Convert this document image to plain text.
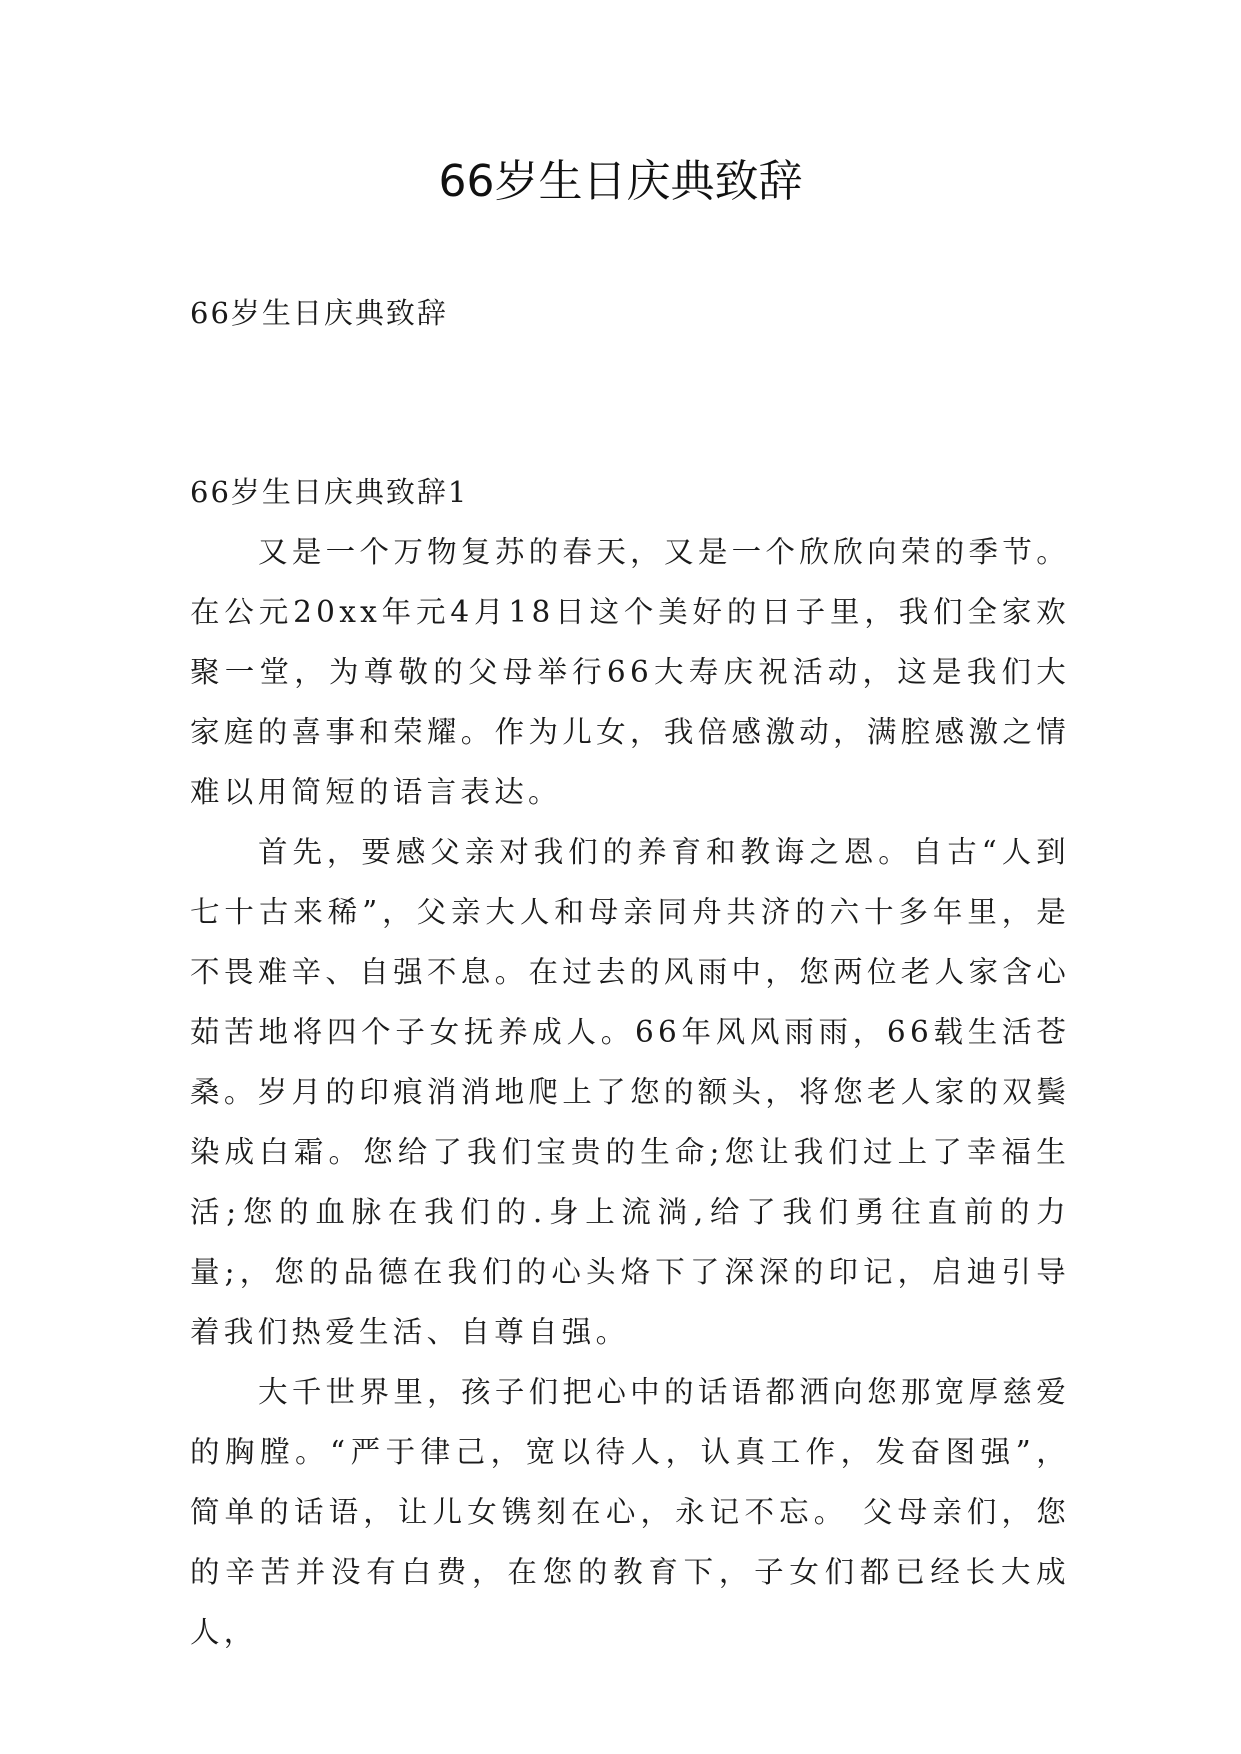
66岁生日庆典致辞
66岁生日庆典致辞
66岁生日庆典致辞1

又是一个万物复苏的春天，又是一个欣欣向荣的季节。在公元20xx年元4月18日这个美好的日子里，我们全家欢聚一堂，为尊敬的父母举行66大寿庆祝活动，这是我们大家庭的喜事和荣耀。作为儿女，我倍感激动，满腔感激之情难以用简短的语言表达。

首先，要感父亲对我们的养育和教诲之恩。自古“人到七十古来稀”，父亲大人和母亲同舟共济的六十多年里，是不畏难辛、自强不息。在过去的风雨中，您两位老人家含心茹苦地将四个子女抚养成人。66年风风雨雨，66载生活苍桑。岁月的印痕消消地爬上了您的额头，将您老人家的双鬓染成白霜。您给了我们宝贵的生命;您让我们过上了幸福生活;您的血脉在我们的.身上流淌,给了我们勇往直前的力量;，您的品德在我们的心头烙下了深深的印记，启迪引导着我们热爱生活、自尊自强。

大千世界里，孩子们把心中的话语都洒向您那宽厚慈爱的胸膛。“严于律己，宽以待人，认真工作，发奋图强”，简单的话语，让儿女镌刻在心，永记不忘。 父母亲们，您的辛苦并没有白费，在您的教育下，子女们都已经长大成人，
